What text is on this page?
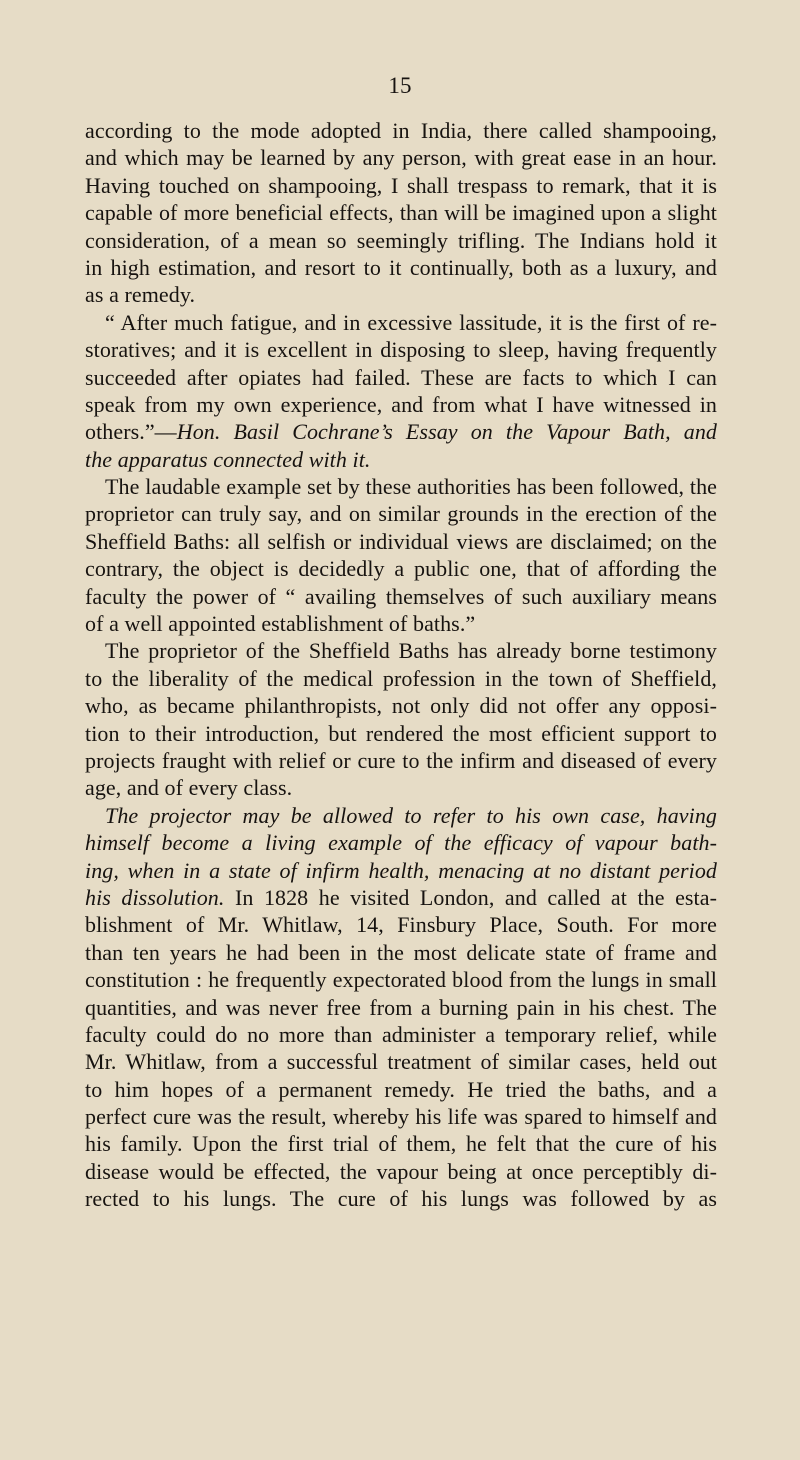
15
according to the mode adopted in India, there called shampooing,
and which may be learned by any person, with great ease in an hour.
Having touched on shampooing, I shall trespass to remark, that it is
capable of more beneficial effects, than will be imagined upon a slight
consideration, of a mean so seemingly trifling. The Indians hold it
in high estimation, and resort to it continually, both as a luxury, and
as a remedy.
“ After much fatigue, and in excessive lassitude, it is the first of re-
storatives; and it is excellent in disposing to sleep, having frequently
succeeded after opiates had failed. These are facts to which I can
speak from my own experience, and from what I have witnessed in
others.”—Hon. Basil Cochrane’s Essay on the Vapour Bath, and
the apparatus connected with it.
The laudable example set by these authorities has been followed, the
proprietor can truly say, and on similar grounds in the erection of the
Sheffield Baths: all selfish or individual views are disclaimed; on the
contrary, the object is decidedly a public one, that of affording the
faculty the power of “ availing themselves of such auxiliary means
of a well appointed establishment of baths.”
The proprietor of the Sheffield Baths has already borne testimony
to the liberality of the medical profession in the town of Sheffield,
who, as became philanthropists, not only did not offer any opposi-
tion to their introduction, but rendered the most efficient support to
projects fraught with relief or cure to the infirm and diseased of every
age, and of every class.
The projector may be allowed to refer to his own case, having
himself become a living example of the efficacy of vapour bath-
ing, when in a state of infirm health, menacing at no distant period
his dissolution. In 1828 he visited London, and called at the esta-
blishment of Mr. Whitlaw, 14, Finsbury Place, South. For more
than ten years he had been in the most delicate state of frame and
constitution : he frequently expectorated blood from the lungs in small
quantities, and was never free from a burning pain in his chest. The
faculty could do no more than administer a temporary relief, while
Mr. Whitlaw, from a successful treatment of similar cases, held out
to him hopes of a permanent remedy. He tried the baths, and a
perfect cure was the result, whereby his life was spared to himself and
his family. Upon the first trial of them, he felt that the cure of his
disease would be effected, the vapour being at once perceptibly di-
rected to his lungs. The cure of his lungs was followed by as
